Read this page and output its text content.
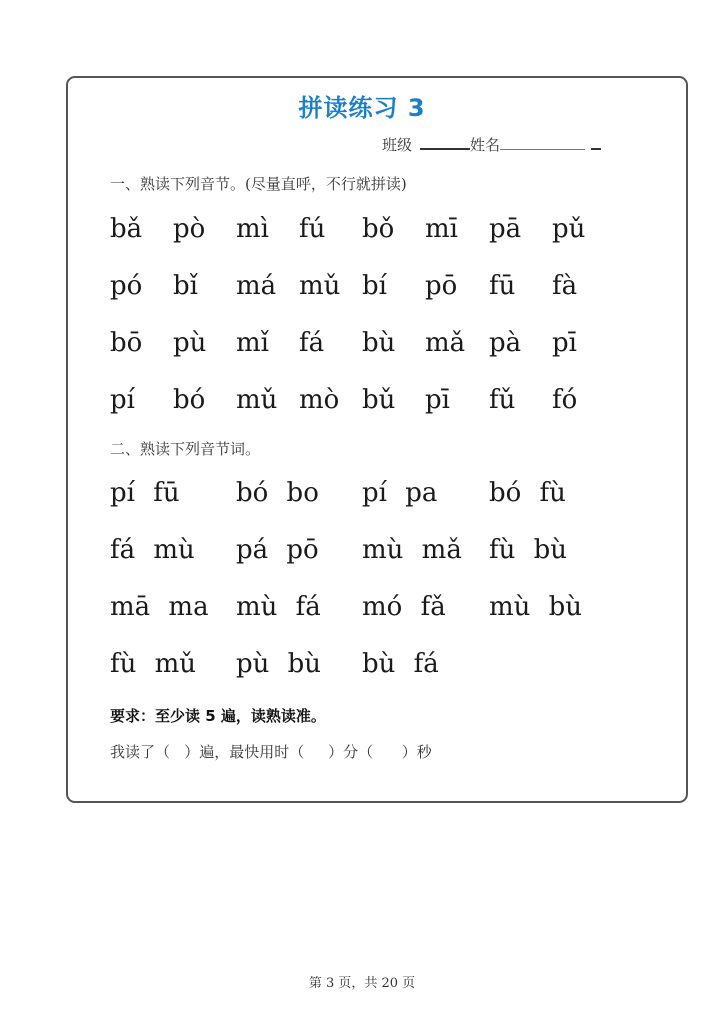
拼读练习 3
班级	姓名
一、熟读下列音节。(尽量直呼，不行就拼读)
bǎ pò mì fú bǒ mī pā pǔ
pó bǐ má mǔ bí pō fū fà
bō pù mǐ fá bù mǎ pà pī
pí bó mǔ mò bǔ pī fǔ fó
二、熟读下列音节词。
pí fū bó bo pí pa bó fù
fá mù pá pō mù mǎ fù bù
mā ma mù fá mó fǎ mù bù
fù mǔ pù bù bù fá
要求：至少读 5 遍，读熟读准。
我读了（   ）遍，最快用时（     ）分（      ）秒
第 3 页，共 20 页
